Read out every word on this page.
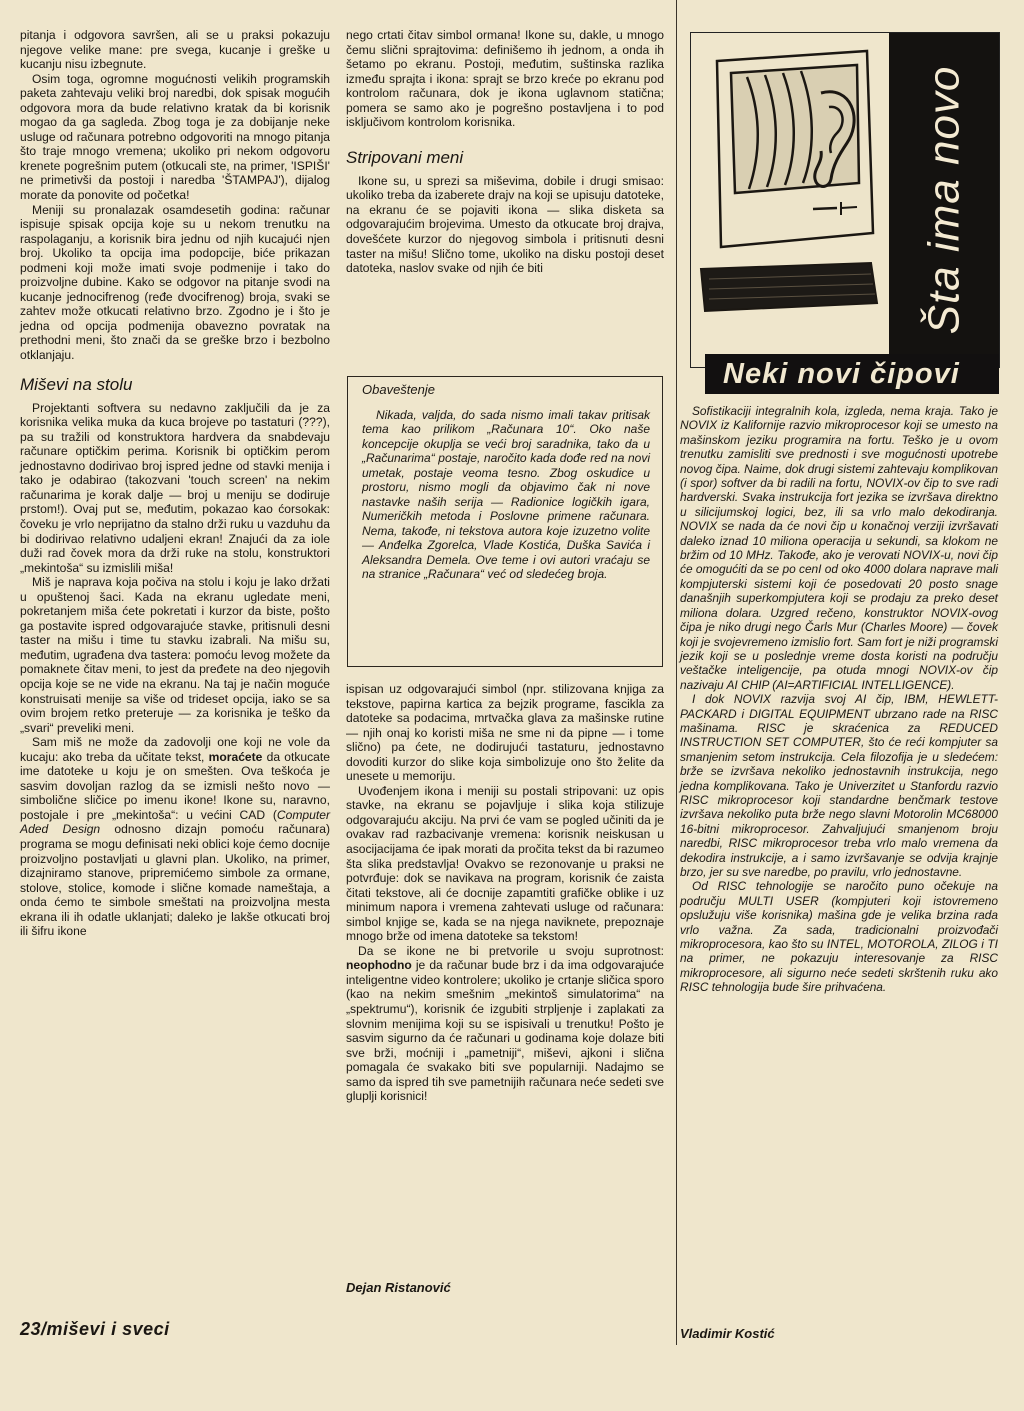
pitanja i odgovora savršen, ali se u praksi pokazuju njegove velike mane: pre svega, kucanje i greške u kucanju nisu izbegnute.

Osim toga, ogromne mogućnosti velikih programskih paketa zahtevaju veliki broj naredbi, dok spisak mogućih odgovora mora da bude relativno kratak da bi korisnik mogao da ga sagleda. Zbog toga je za dobijanje neke usluge od računara potrebno odgovoriti na mnogo pitanja što traje mnogo vremena; ukoliko pri nekom odgovoru krenete pogrešnim putem (otkucali ste, na primer, 'ISPIŠI' ne primetivši da postoji i naredba 'ŠTAMPAJ'), dijalog morate da ponovite od početka!

Meniji su pronalazak osamdesetih godina: računar ispisuje spisak opcija koje su u nekom trenutku na raspolaganju, a korisnik bira jednu od njih kucajući njen broj. Ukoliko ta opcija ima podopcije, biće prikazan podmeni koji može imati svoje podmenije i tako do proizvoljne dubine. Kako se odgovor na pitanje svodi na kucanje jednocifrenog (ređe dvocifrenog) broja, svaki se zahtev može otkucati relativno brzo. Zgodno je i što je jedna od opcija podmenija obavezno povratak na prethodni meni, što znači da se greške brzo i bezbolno otklanjaju.

Miševi na stolu

Projektanti softvera su nedavno zaključili da je za korisnika velika muka da kuca brojeve po tastaturi (???), pa su tražili od konstruktora hardvera da snabdevaju računare optičkim perima. Korisnik bi optičkim perom jednostavno dodirivao broj ispred jedne od stavki menija i tako je odabirao (takozvani 'touch screen' na nekim računarima je korak dalje — broj u meniju se dodiruje prstom!). Ovaj put se, međutim, pokazao kao ćorsokak: čoveku je vrlo neprijatno da stalno drži ruku u vazduhu da bi dodirivao relativno udaljeni ekran! Znajući da za iole duži rad čovek mora da drži ruke na stolu, konstruktori „mekintoša“ su izmislili miša!

Miš je naprava koja počiva na stolu i koju je lako držati u opuštenoj šaci. Kada na ekranu ugledate meni, pokretanjem miša ćete pokretati i kurzor da biste, pošto ga postavite ispred odgovarajuće stavke, pritisnuli desni taster na mišu i time tu stavku izabrali. Na mišu su, međutim, ugrađena dva tastera: pomoću levog možete da pomaknete čitav meni, to jest da pređete na deo njegovih opcija koje se ne vide na ekranu. Na taj je način moguće konstruisati menije sa više od trideset opcija, iako se sa ovim brojem retko preteruje — za korisnika je teško da „svari“ preveliki meni.

Sam miš ne može da zadovolji one koji ne vole da kucaju: ako treba da učitate tekst, moraćete da otkucate ime datoteke u koju je on smešten. Ova teškoća je sasvim dovoljan razlog da se izmisli nešto novo — simbolične sličice po imenu ikone! Ikone su, naravno, postojale i pre „mekintoša“: u većini CAD (Computer Aded Design odnosno dizajn pomoću računara) programa se mogu definisati neki oblici koje ćemo docnije proizvoljno postavljati u glavni plan. Ukoliko, na primer, dizajniramo stanove, pripremićemo simbole za ormane, stolove, stolice, komode i slične komade nameštaja, a onda ćemo te simbole smeštati na proizvoljna mesta ekrana ili ih odatle uklanjati; daleko je lakše otkucati broj ili šifru ikone

nego crtati čitav simbol ormana! Ikone su, dakle, u mnogo čemu slični sprajtovima: definišemo ih jednom, a onda ih šetamo po ekranu. Postoji, međutim, suštinska razlika između sprajta i ikona: sprajt se brzo kreće po ekranu pod kontrolom računara, dok je ikona uglavnom statična; pomera se samo ako je pogrešno postavljena i to pod isključivom kontrolom korisnika.

Stripovani meni

Ikone su, u sprezi sa miševima, dobile i drugi smisao: ukoliko treba da izaberete drajv na koji se upisuju datoteke, na ekranu će se pojaviti ikona — slika disketa sa odgovarajućim brojevima. Umesto da otkucate broj drajva, dovešćete kurzor do njegovog simbola i pritisnuti desni taster na mišu! Slično tome, ukoliko na disku postoji deset datoteka, naslov svake od njih će biti

ispisan uz odgovarajući simbol (npr. stilizovana knjiga za tekstove, papirna kartica za bejzik programe, fascikla za datoteke sa podacima, mrtvačka glava za mašinske rutine — njih onaj ko koristi miša ne sme ni da pipne — i tome slično) pa ćete, ne dodirujući tastaturu, jednostavno dovoditi kurzor do slike koja simbolizuje ono što želite da unesete u memoriju.

Uvođenjem ikona i meniji su postali stripovani: uz opis stavke, na ekranu se pojavljuje i slika koja stilizuje odgovarajuću akciju. Na prvi će vam se pogled učiniti da je ovakav rad razbacivanje vremena: korisnik neiskusan u asocijacijama će ipak morati da pročita tekst da bi razumeo šta slika predstavlja! Ovakvo se rezonovanje u praksi ne potvrđuje: dok se navikava na program, korisnik će zaista čitati tekstove, ali će docnije zapamtiti grafičke oblike i uz minimum napora i vremena zahtevati usluge od računara: simbol knjige se, kada se na njega naviknete, prepoznaje mnogo brže od imena datoteke sa tekstom!

Da se ikone ne bi pretvorile u svoju suprotnost: neophodno je da računar bude brz i da ima odgovarajuće inteligentne video kontrolere; ukoliko je crtanje sličica sporo (kao na nekim smešnim „mekintoš simulatorima“ na „spektrumu“), korisnik će izgubiti strpljenje i zaplakati za slovnim menijima koji su se ispisivali u trenutku! Pošto je sasvim sigurno da će računari u godinama koje dolaze biti sve brži, moćniji i „pametniji“, miševi, ajkoni i slična pomagala će svakako biti sve popularniji. Nadajmo se samo da ispred tih sve pametnijih računara neće sedeti sve gluplji korisnici!

Dejan Ristanović
Obaveštenje
Nikada, valjda, do sada nismo imali takav pritisak tema kao prilikom „Računara 10“. Oko naše koncepcije okuplja se veći broj saradnika, tako da u „Računarima“ postaje, naročito kada dođe red na novi umetak, postaje veoma tesno. Zbog oskudice u prostoru, nismo mogli da objavimo čak ni nove nastavke naših serija — Radionice logičkih igara, Numeričkih metoda i Poslovne primene računara. Nema, takođe, ni tekstova autora koje izuzetno volite — Anđelka Zgorelca, Vlade Kostića, Duška Savića i Aleksandra Demela. Ove teme i ovi autori vraćaju se na stranice „Računara“ već od sledećeg broja.
Šta ima novo
Neki novi čipovi

Sofistikaciji integralnih kola, izgleda, nema kraja. Tako je NOVIX iz Kalifornije razvio mikroprocesor koji se umesto na mašinskom jeziku programira na fortu. Teško je u ovom trenutku zamisliti sve prednosti i sve mogućnosti upotrebe novog čipa. Naime, dok drugi sistemi zahtevaju komplikovan (i spor) softver da bi radili na fortu, NOVIX-ov čip to sve radi hardverski. Svaka instrukcija fort jezika se izvršava direktno u silicijumskoj logici, bez, ili sa vrlo malo dekodiranja. NOVIX se nada da će novi čip u konačnoj verziji izvršavati daleko iznad 10 miliona operacija u sekundi, sa klokom ne bržim od 10 MHz. Takođe, ako je verovati NOVIX-u, novi čip će omogućiti da se po cenI od oko 4000 dolara naprave mali kompjuterski sistemi koji će posedovati 20 posto snage današnjih superkompjutera koji se prodaju za preko deset miliona dolara. Uzgred rečeno, konstruktor NOVIX-ovog čipa je niko drugi nego Čarls Mur (Charles Moore) — čovek koji je svojevremeno izmislio fort. Sam fort je niži programski jezik koji se u poslednje vreme dosta koristi na području veštačke inteligencije, pa otuda mnogi NOVIX-ov čip nazivaju AI CHIP (AI=ARTIFICIAL INTELLIGENCE).

I dok NOVIX razvija svoj AI čip, IBM, HEWLETT-PACKARD i DIGITAL EQUIPMENT ubrzano rade na RISC mašinama. RISC je skraćenica za REDUCED INSTRUCTION SET COMPUTER, što će reći kompjuter sa smanjenim setom instrukcija. Cela filozofija je u sledećem: brže se izvršava nekoliko jednostavnih instrukcija, nego jedna komplikovana. Tako je Univerzitet u Stanfordu razvio RISC mikroprocesor koji standardne benčmark testove izvršava nekoliko puta brže nego slavni Motorolin MC68000 16-bitni mikroprocesor. Zahvaljujući smanjenom broju naredbi, RISC mikroprocesor treba vrlo malo vremena da dekodira instrukcije, a i samo izvršavanje se odvija krajnje brzo, jer su sve naredbe, po pravilu, vrlo jednostavne.

Od RISC tehnologije se naročito puno očekuje na području MULTI USER (kompjuteri koji istovremeno opslužuju više korisnika) mašina gde je velika brzina rada vrlo važna. Za sada, tradicionalni proizvođači mikroprocesora, kao što su INTEL, MOTOROLA, ZILOG i TI na primer, ne pokazuju interesovanje za RISC mikroprocesore, ali sigurno neće sedeti skrštenih ruku ako RISC tehnologija bude šire prihvaćena.

Vladimir Kostić
23/miševi i sveci
